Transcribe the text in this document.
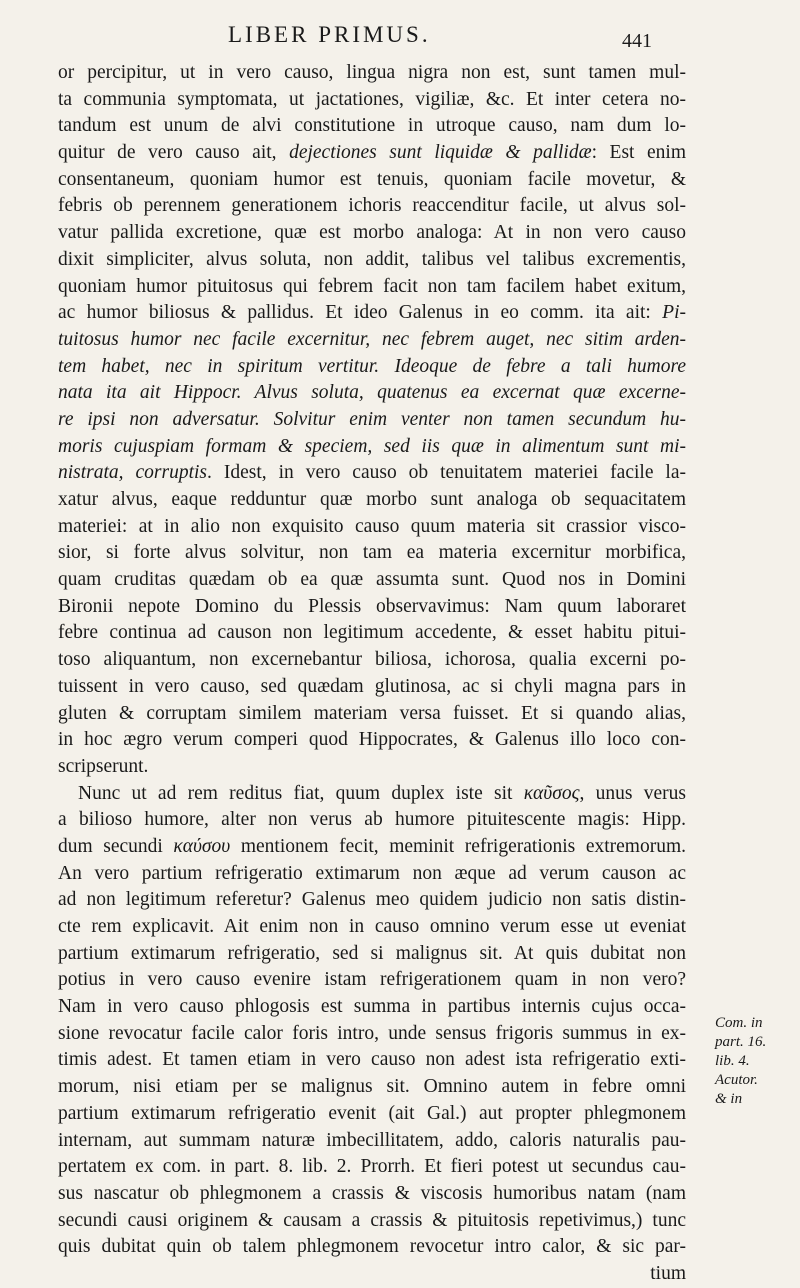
LIBER PRIMUS.	441
or percipitur, ut in vero causo, lingua nigra non est, sunt tamen mul-
ta communia symptomata, ut jactationes, vigiliæ, &c. Et inter cetera no-
tandum est unum de alvi constitutione in utroque causo, nam dum lo-
quitur de vero causo ait, dejectiones sunt liquidæ & pallidæ: Est enim
consentaneum, quoniam humor est tenuis, quoniam facile movetur, &
febris ob perennem generationem ichoris reaccenditur facile, ut alvus sol-
vatur pallida excretione, quæ est morbo analoga: At in non vero causo
dixit simpliciter, alvus soluta, non addit, talibus vel talibus excrementis,
quoniam humor pituitosus qui febrem facit non tam facilem habet exitum,
ac humor biliosus & pallidus. Et ideo Galenus in eo comm. ita ait: Pi-
tuitosus humor nec facile excernitur, nec febrem auget, nec sitim arden-
tem habet, nec in spiritum vertitur. Ideoque de febre a tali humore
nata ita ait Hippocr. Alvus soluta, quatenus ea excernat quæ excerne-
re ipsi non adversatur. Solvitur enim venter non tamen secundum hu-
moris cujuspiam formam & speciem, sed iis quæ in alimentum sunt mi-
nistrata, corruptis. Idest, in vero causo ob tenuitatem materiei facile la-
xatur alvus, eaque redduntur quæ morbo sunt analoga ob sequacitatem
materiei: at in alio non exquisito causo quum materia sit crassior visco-
sior, si forte alvus solvitur, non tam ea materia excernitur morbifica,
quam cruditas quædam ob ea quæ assumta sunt. Quod nos in Domini
Bironii nepote Domino du Plessis observavimus: Nam quum laboraret
febre continua ad causon non legitimum accedente, & esset habitu pitui-
toso aliquantum, non excernebantur biliosa, ichorosa, qualia excerni po-
tuissent in vero causo, sed quædam glutinosa, ac si chyli magna pars in
gluten & corruptam similem materiam versa fuisset. Et si quando alias,
in hoc ægro verum comperi quod Hippocrates, & Galenus illo loco con-
scripserunt.
Nunc ut ad rem reditus fiat, quum duplex iste sit καῦσος, unus verus
a bilioso humore, alter non verus ab humore pituitescente magis: Hipp.
dum secundi καύσου mentionem fecit, meminit refrigerationis extremorum.
An vero partium refrigeratio extimarum non æque ad verum causon ac
ad non legitimum referetur? Galenus meo quidem judicio non satis distin-
cte rem explicavit. Ait enim non in causo omnino verum esse ut eveniat
partium extimarum refrigeratio, sed si malignus sit. At quis dubitat non
potius in vero causo evenire istam refrigerationem quam in non vero?
Nam in vero causo phlogosis est summa in partibus internis cujus occa-
sione revocatur facile calor foris intro, unde sensus frigoris summus in ex-
timis adest. Et tamen etiam in vero causo non adest ista refrigeratio exti-
morum, nisi etiam per se malignus sit. Omnino autem in febre omni
partium extimarum refrigeratio evenit (ait Gal.) aut propter phlegmonem
internam, aut summam naturæ imbecillitatem, addo, caloris naturalis pau-
pertatem ex com. in part. 8. lib. 2. Prorrh. Et fieri potest ut secundus cau-
sus nascatur ob phlegmonem a crassis & viscosis humoribus natam (nam
secundi causi originem & causam a crassis & pituitosis repetivimus,) tunc
quis dubitat quin ob talem phlegmonem revocetur intro calor, & sic par-
tium
Com. in
part. 16.
lib. 4.
Acutor.
& in
